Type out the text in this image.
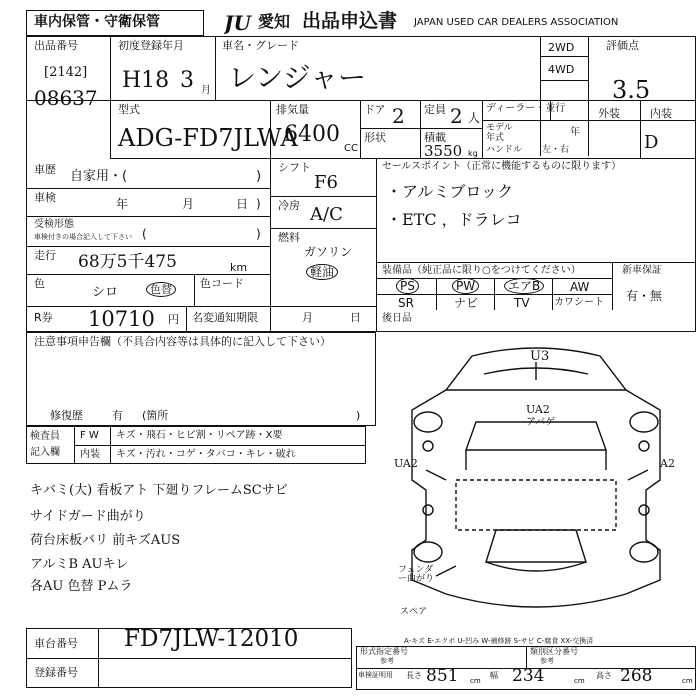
車内保管・守衛保管	JU 愛知 出品申込書 JAPAN USED CAR DEALERS ASSOCIATION
出品番号
[2142]
08637
初度登録年月
H18 3 月
車名・グレード
レンジャー
2WD
4WD
評価点
3.5
型式
ADG-FD7JLWA
排気量
6400
CC
ドア 2
形状
定員 2 人
積載
3550 kg
ディーラー・並行
モデル
年式	年
ハンドル 左・右
外装	内装
D
車歴 自家用・(	)
車検	年	月	日 )
受検形態
車検付きの場合記入して下さい (	)
走行 68万5千475	km
色
シロ	色替	色コード
シフト
F6
冷房 A/C
燃料
ガソリン
軽油
セールスポイント（正常に機能するものに限ります）
・アルミブロック
・ETC ，ドラレコ
装備品（純正品に限り○をつけてください）
PS	PW	エアB	AW
SR	ナビ	TV カワシート
新車保証
有・無
R券 10710 円 名変通知期限	月	日 後日品
注意事項申告欄（不具合内容等は具体的に記入して下さい）
修復歴	有 (箇所	)
検査員
記入欄
F W キズ・飛石・ヒビ割・リペア跡・X要
内装 キズ・汚れ・コゲ・タバコ・キレ・破れ
キバミ(大) 看板アト 下廻りフレームSCサビ
サイドガード曲がり
荷台床板バリ 前キズAUS
アルミB AUキレ
各AU 色替 Pムラ
U3
UA2
アバゲ
UA2	A2
フェンダー曲がり
スペア
A-キズ E-エクボ U-凹み W-補修跡 S-サビ C-腐食 XX-交換済
車台番号 FD7JLW-12010
登録番号
形式指定番号
参考
類別区分番号
参考
車検証明用 長さ 851 cm
幅 234	cm
高さ 268	cm
